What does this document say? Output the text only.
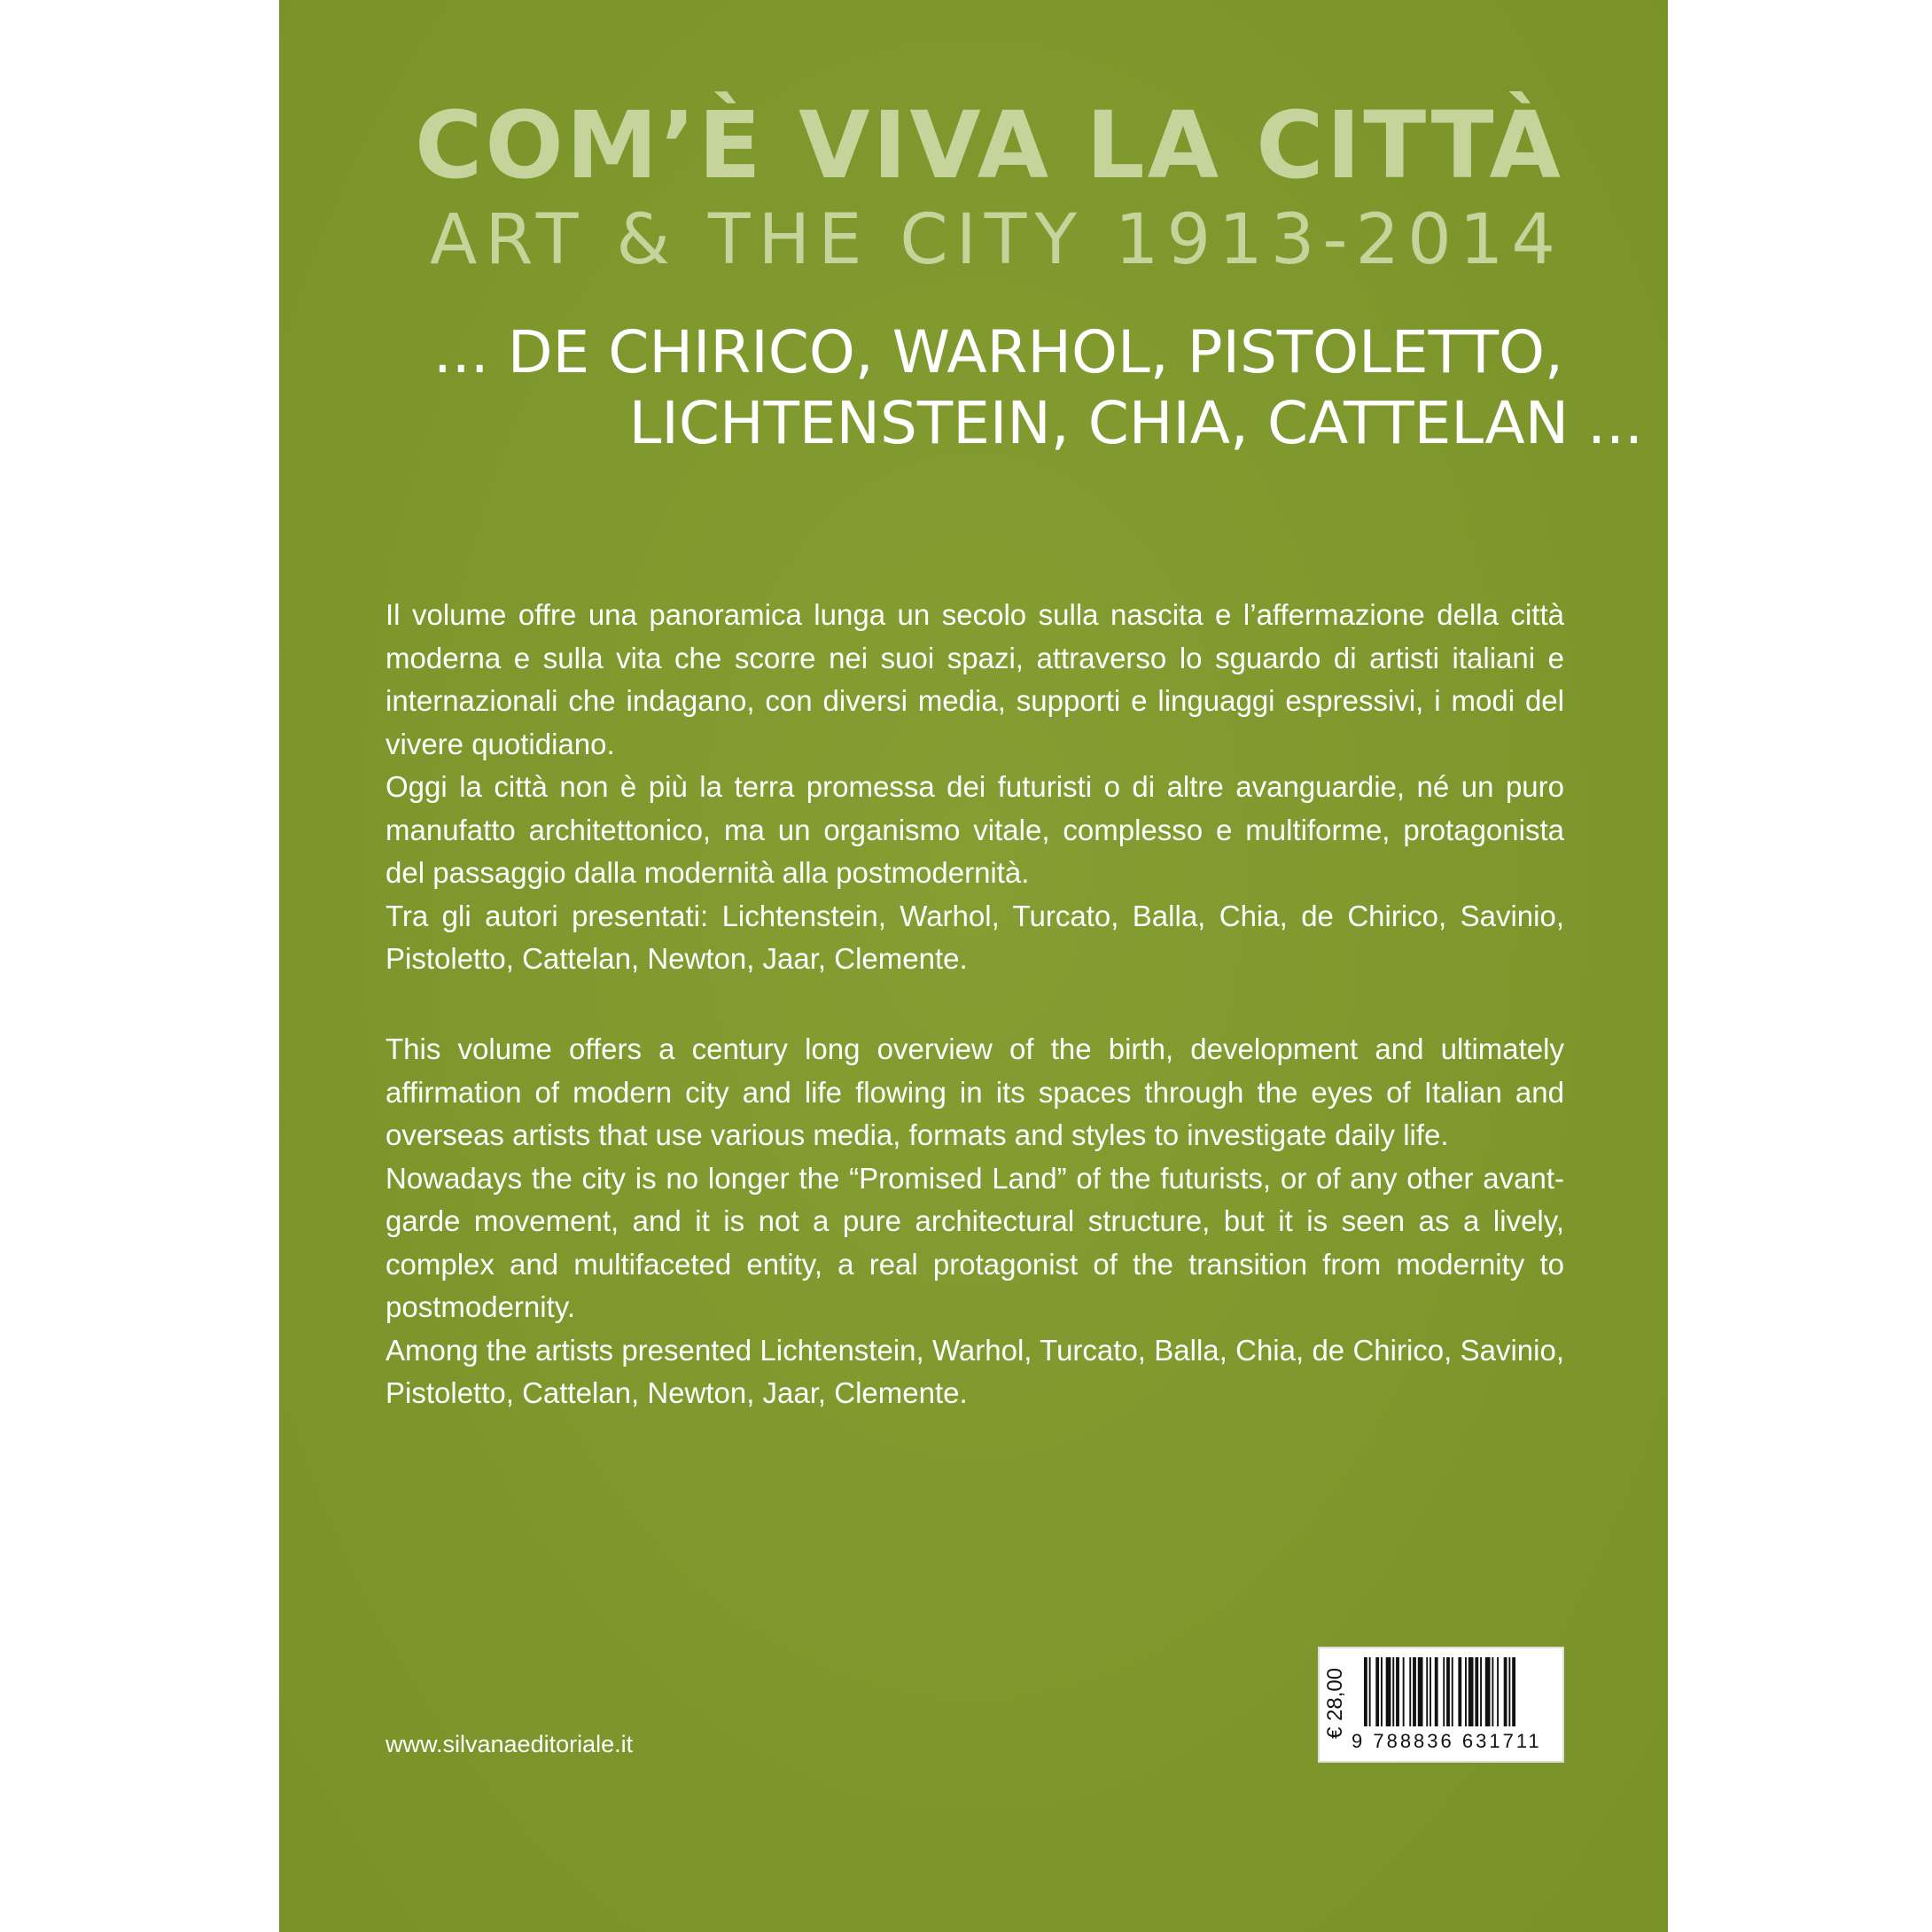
COM’È VIVA LA CITTÀ
ART & THE CITY 1913-2014
... DE CHIRICO, WARHOL, PISTOLETTO,
LICHTENSTEIN, CHIA, CATTELAN ...

Il volume offre una panoramica lunga un secolo sulla nascita e l’affermazione della città moderna e sulla vita che scorre nei suoi spazi, attraverso lo sguardo di artisti italiani e internazionali che indagano, con diversi media, supporti e linguaggi espressivi, i modi del vivere quotidiano.

Oggi la città non è più la terra promessa dei futuristi o di altre avanguardie, né un puro manufatto architettonico, ma un organismo vitale, complesso e multiforme, protagonista del passaggio dalla modernità alla postmodernità.

Tra gli autori presentati: Lichtenstein, Warhol, Turcato, Balla, Chia, de Chirico, Savinio, Pistoletto, Cattelan, Newton, Jaar, Clemente.

This volume offers a century long overview of the birth, development and ultimately affirmation of modern city and life flowing in its spaces through the eyes of Italian and overseas artists that use various media, formats and styles to investigate daily life.

Nowadays the city is no longer the “Promised Land” of the futurists, or of any other avant-garde movement, and it is not a pure architectural structure, but it is seen as a lively, complex and multifaceted entity, a real protagonist of the transition from modernity to postmodernity.

Among the artists presented Lichtenstein, Warhol, Turcato, Balla, Chia, de Chirico, Savinio, Pistoletto, Cattelan, Newton, Jaar, Clemente.

www.silvanaeditoriale.it
€ 28,00
9 788836 631711
